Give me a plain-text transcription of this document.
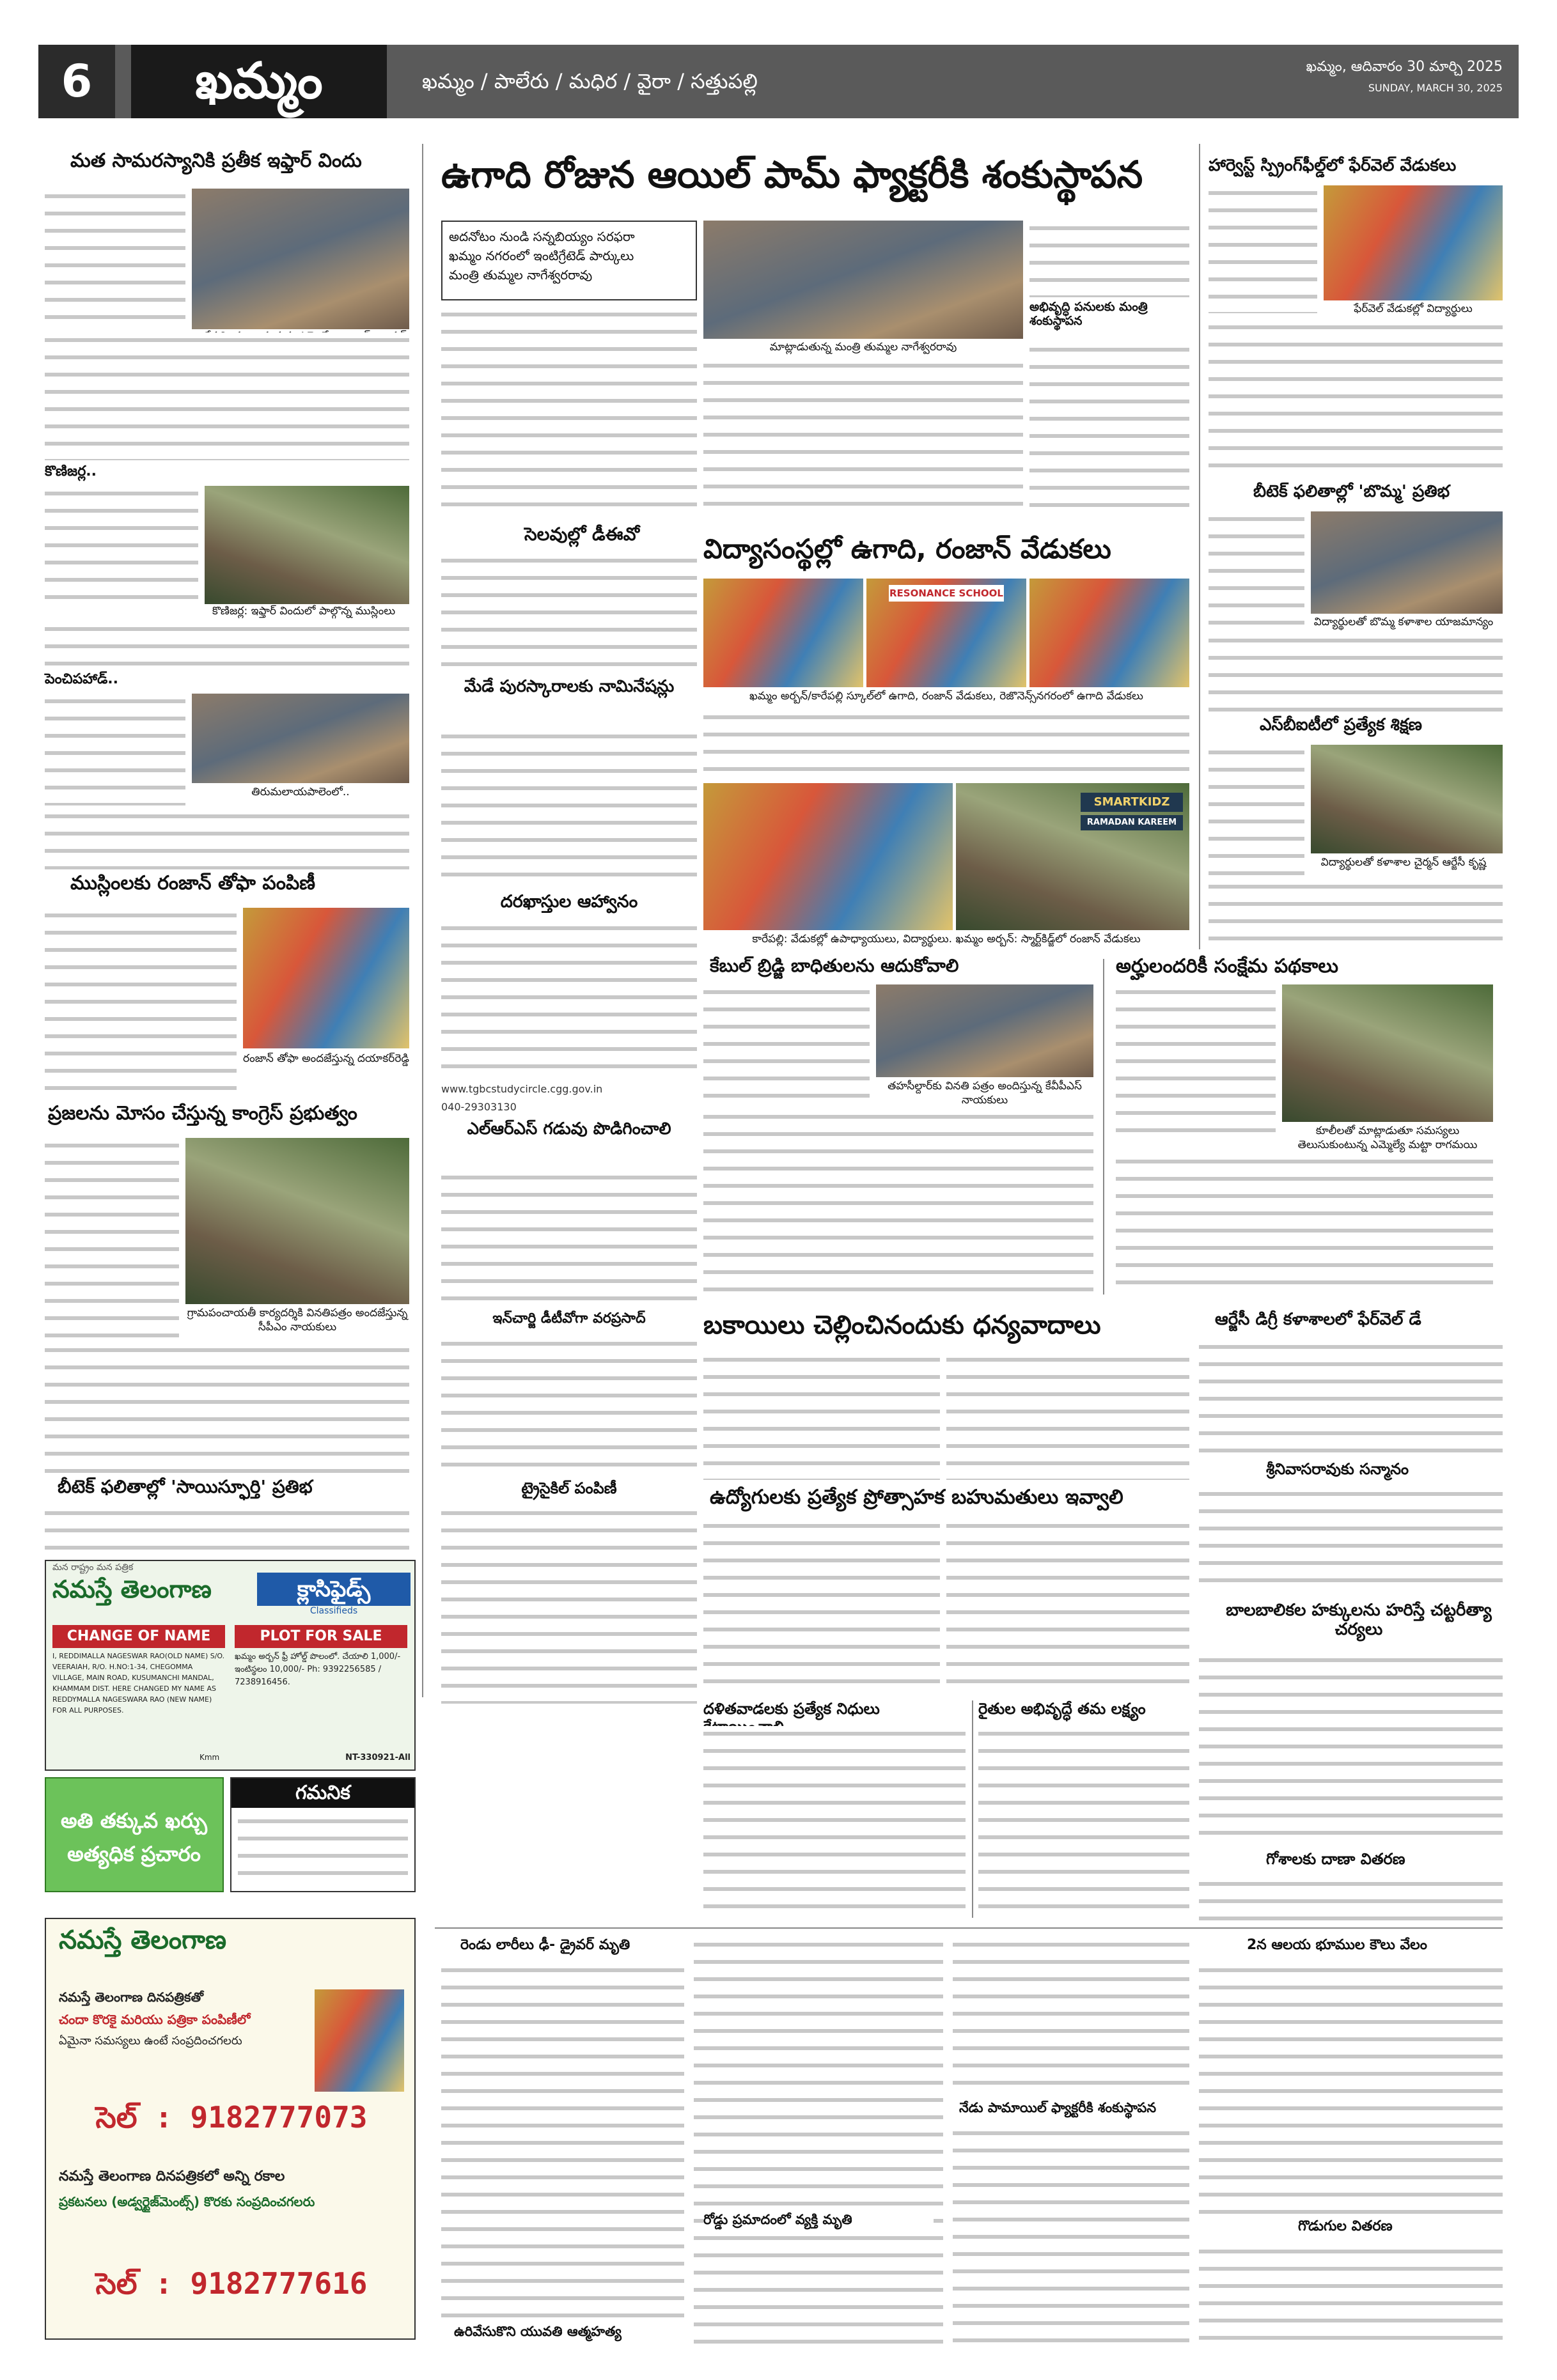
6	ఖమ్మం	ఖమ్మం / పాలేరు / మధిర / వైరా / సత్తుపల్లి
ఖమ్మం, ఆదివారం 30 మార్చి 2025
SUNDAY, MARCH 30, 2025
మత సామరస్యానికి ప్రతీక ఇఫ్తార్ విందు
కొణిజర్ల..
కొణిజర్ల: ఇఫ్తార్ విందులో పాల్గొన్న ముస్లింలు
పెంచిపహాడ్..
తిరుమలాయపాలెంలో..
ముస్లింలకు రంజాన్ తోఫా పంపిణీ
రంజాన్ తోఫా అందజేస్తున్న దయాకర్‌రెడ్డి
ప్రజలను మోసం చేస్తున్న కాంగ్రెస్ ప్రభుత్వం
గ్రామపంచాయతీ కార్యదర్శికి వినతిపత్రం అందజేస్తున్న సీపీఎం నాయకులు
బీటెక్ ఫలితాల్లో 'సాయిస్ఫూర్తి' ప్రతిభ
ఉగాది రోజున ఆయిల్ పామ్ ఫ్యాక్టరీకి శంకుస్థాపన
అదనోటం నుండి సన్నబియ్యం సరఫరా
ఖమ్మం నగరంలో ఇంటిగ్రేటెడ్ పార్కులు
మంత్రి తుమ్మల నాగేశ్వరరావు
మాట్లాడుతున్న మంత్రి తుమ్మల నాగేశ్వరరావు
అభివృద్ధి పనులకు మంత్రి శంకుస్థాపన
సెలవుల్లో డీఈవో
మేడే పురస్కారాలకు నామినేషన్లు
దరఖాస్తుల ఆహ్వానం
www.tgbcstudycircle.cgg.gov.in
040-29303130
ఎల్ఆర్ఎస్ గడువు పొడిగించాలి
ఇన్‌చార్జి డీటీవోగా వరప్రసాద్
ట్రైసైకిల్ పంపిణీ
విద్యాసంస్థల్లో ఉగాది, రంజాన్ వేడుకలు
RESONANCE SCHOOL
ఖమ్మం అర్బన్/కారేపల్లి స్కూల్‌లో ఉగాది, రంజాన్ వేడుకలు, రెజొనెన్స్‌నగరంలో ఉగాది వేడుకలు
SMARTKIDZ
RAMADAN KAREEM
కారేపల్లి: వేడుకల్లో ఉపాధ్యాయులు, విద్యార్థులు. ఖమ్మం అర్బన్: స్మార్ట్‌కిడ్జ్‌లో రంజాన్ వేడుకలు
కేబుల్ బ్రిడ్జి బాధితులను ఆదుకోవాలి
తహసీల్దార్‌కు వినతి పత్రం అందిస్తున్న కేవీపీఎస్ నాయకులు
అర్హులందరికీ సంక్షేమ పథకాలు
కూలీలతో మాట్లాడుతూ సమస్యలు తెలుసుకుంటున్న ఎమ్మెల్యే మట్టా రాగమయి
బకాయిలు చెల్లించినందుకు ధన్యవాదాలు
ఉద్యోగులకు ప్రత్యేక ప్రోత్సాహక బహుమతులు ఇవ్వాలి
దళితవాడలకు ప్రత్యేక నిధులు	రైతుల అభివృద్ధే తమ లక్ష్యం
హార్వెస్ట్ స్ప్రింగ్‌ఫీల్డ్‌లో ఫేర్‌వెల్ వేడుకలు
ఫేర్‌వెల్ వేడుకల్లో విద్యార్థులు
బీటెక్ ఫలితాల్లో 'బొమ్మ' ప్రతిభ
విద్యార్థులతో బొమ్మ కళాశాల యాజమాన్యం
ఎస్‌బీఐటీలో ప్రత్యేక శిక్షణ
విద్యార్థులతో కళాశాల చైర్మన్ ఆర్జేసీ కృష్ణ
ఆర్జేసీ డిగ్రీ కళాశాలలో ఫేర్‌వెల్ డే
శ్రీనివాసరావుకు సన్మానం
బాలబాలికల హక్కులను హరిస్తే చట్టరీత్యా చర్యలు
గోశాలకు దాణా వితరణ
మన రాష్ట్రం మన పత్రిక
నమస్తే తెలంగాణ	క్లాసిఫైడ్స్
Classifieds
CHANGE OF NAME
I, REDDIMALLA NAGESWAR RAO(OLD NAME) S/O. VEERAIAH, R/O. H.NO:1-34, CHEGOMMA VILLAGE, MAIN ROAD, KUSUMANCHI MANDAL, KHAMMAM DIST. HERE CHANGED MY NAME AS REDDYMALLA NAGESWARA RAO (NEW NAME) FOR ALL PURPOSES.
Kmm
PLOT FOR SALE
ఖమ్మం అర్బన్ ఫ్రీ హోల్డ్ పొలంలో. చేయాలి 1,000/- ఇంటిస్థలం 10,000/- Ph: 9392256585 / 7238916456.
NT-330921-All
అతి తక్కువ ఖర్చు అత్యధిక ప్రచారం
గమనిక
నమస్తే తెలంగాణ
నమస్తే తెలంగాణ దినపత్రికతో
చందా కొరకై మరియు పత్రికా పంపిణీలో
ఏమైనా సమస్యలు ఉంటే సంప్రదించగలరు
సెల్ : 9182777073
నమస్తే తెలంగాణ దినపత్రికలో అన్ని రకాల
ప్రకటనలు (అడ్వర్టైజ్‌మెంట్స్) కొరకు సంప్రదించగలరు
సెల్ : 9182777616
రెండు లారీలు ఢీ- డ్రైవర్ మృతి
నేడు పామాయిల్ ఫ్యాక్టరీకి శంకుస్థాపన
రోడ్డు ప్రమాదంలో వ్యక్తి మృతి
ఉరివేసుకొని యువతి ఆత్మహత్య
2న ఆలయ భూముల కౌలు వేలం
గొడుగుల వితరణ
